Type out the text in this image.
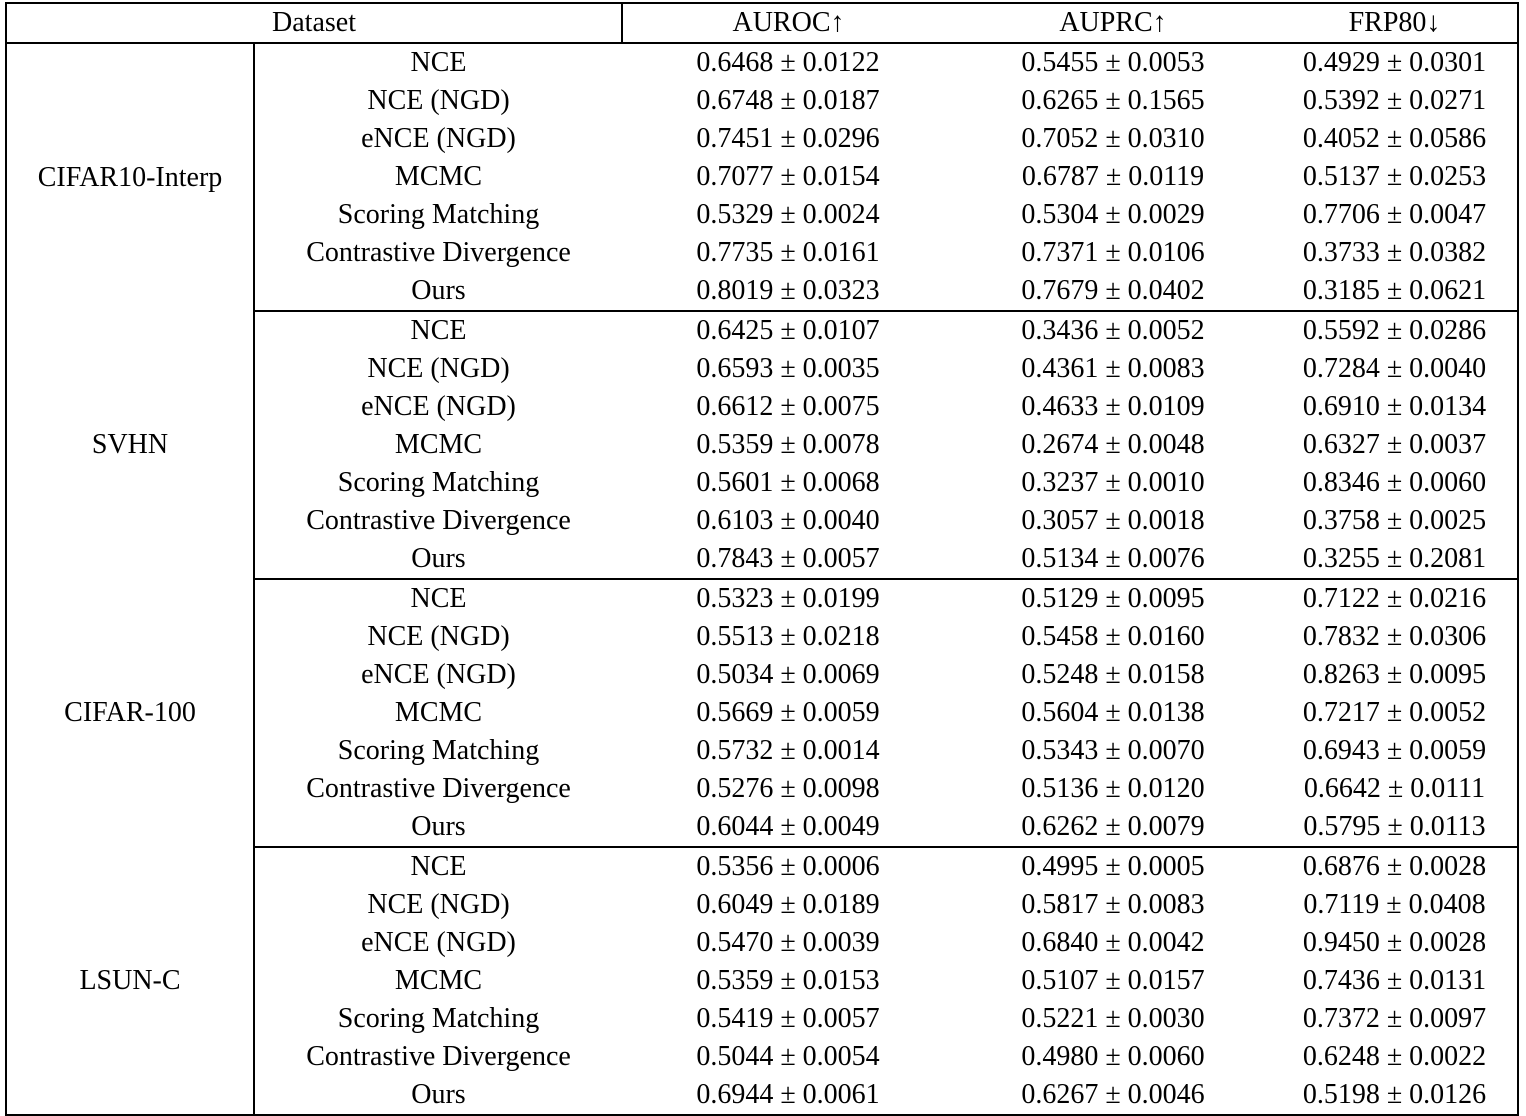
Dataset		AUROC↑	AUPRC↑	FRP80↓
CIFAR10-Interp	NCE	0.6468 ± 0.0122	0.5455 ± 0.0053	0.4929 ± 0.0301
	NCE (NGD)	0.6748 ± 0.0187	0.6265 ± 0.1565	0.5392 ± 0.0271
	eNCE (NGD)	0.7451 ± 0.0296	0.7052 ± 0.0310	0.4052 ± 0.0586
	MCMC	0.7077 ± 0.0154	0.6787 ± 0.0119	0.5137 ± 0.0253
	Scoring Matching	0.5329 ± 0.0024	0.5304 ± 0.0029	0.7706 ± 0.0047
	Contrastive Divergence	0.7735 ± 0.0161	0.7371 ± 0.0106	0.3733 ± 0.0382
	Ours	0.8019 ± 0.0323	0.7679 ± 0.0402	0.3185 ± 0.0621
SVHN	NCE	0.6425 ± 0.0107	0.3436 ± 0.0052	0.5592 ± 0.0286
	NCE (NGD)	0.6593 ± 0.0035	0.4361 ± 0.0083	0.7284 ± 0.0040
	eNCE (NGD)	0.6612 ± 0.0075	0.4633 ± 0.0109	0.6910 ± 0.0134
	MCMC	0.5359 ± 0.0078	0.2674 ± 0.0048	0.6327 ± 0.0037
	Scoring Matching	0.5601 ± 0.0068	0.3237 ± 0.0010	0.8346 ± 0.0060
	Contrastive Divergence	0.6103 ± 0.0040	0.3057 ± 0.0018	0.3758 ± 0.0025
	Ours	0.7843 ± 0.0057	0.5134 ± 0.0076	0.3255 ± 0.2081
CIFAR-100	NCE	0.5323 ± 0.0199	0.5129 ± 0.0095	0.7122 ± 0.0216
	NCE (NGD)	0.5513 ± 0.0218	0.5458 ± 0.0160	0.7832 ± 0.0306
	eNCE (NGD)	0.5034 ± 0.0069	0.5248 ± 0.0158	0.8263 ± 0.0095
	MCMC	0.5669 ± 0.0059	0.5604 ± 0.0138	0.7217 ± 0.0052
	Scoring Matching	0.5732 ± 0.0014	0.5343 ± 0.0070	0.6943 ± 0.0059
	Contrastive Divergence	0.5276 ± 0.0098	0.5136 ± 0.0120	0.6642 ± 0.0111
	Ours	0.6044 ± 0.0049	0.6262 ± 0.0079	0.5795 ± 0.0113
LSUN-C	NCE	0.5356 ± 0.0006	0.4995 ± 0.0005	0.6876 ± 0.0028
	NCE (NGD)	0.6049 ± 0.0189	0.5817 ± 0.0083	0.7119 ± 0.0408
	eNCE (NGD)	0.5470 ± 0.0039	0.6840 ± 0.0042	0.9450 ± 0.0028
	MCMC	0.5359 ± 0.0153	0.5107 ± 0.0157	0.7436 ± 0.0131
	Scoring Matching	0.5419 ± 0.0057	0.5221 ± 0.0030	0.7372 ± 0.0097
	Contrastive Divergence	0.5044 ± 0.0054	0.4980 ± 0.0060	0.6248 ± 0.0022
	Ours	0.6944 ± 0.0061	0.6267 ± 0.0046	0.5198 ± 0.0126
